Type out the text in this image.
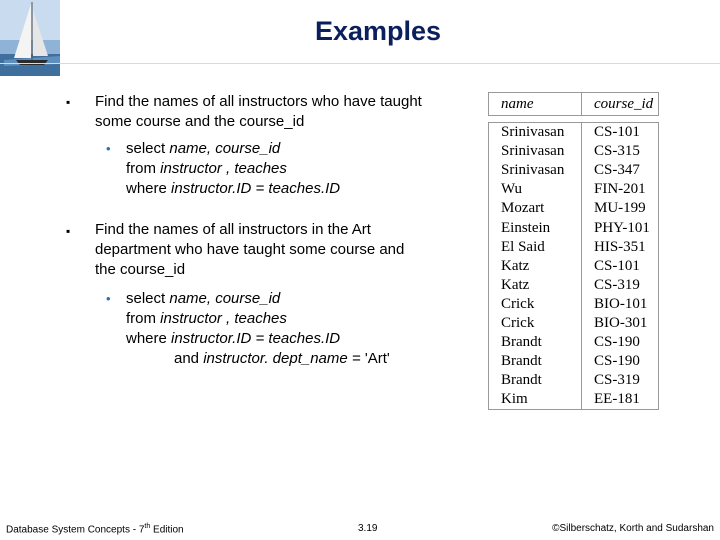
Examples
▪ Find the names of all instructors who have taught some course and the course_id
• select name, course_id
from instructor , teaches
where instructor.ID = teaches.ID
▪ Find the names of all instructors in the Art department who have taught some course and the course_id
• select name, course_id
from instructor , teaches
where instructor.ID = teaches.ID
and instructor. dept_name = 'Art'
name	course_id
Srinivasan	CS-101
Srinivasan	CS-315
Srinivasan	CS-347
Wu	FIN-201
Mozart	MU-199
Einstein	PHY-101
El Said	HIS-351
Katz	CS-101
Katz	CS-319
Crick	BIO-101
Crick	BIO-301
Brandt	CS-190
Brandt	CS-190
Brandt	CS-319
Kim	EE-181
Database System Concepts - 7th Edition	3.19	©Silberschatz, Korth and Sudarshan
